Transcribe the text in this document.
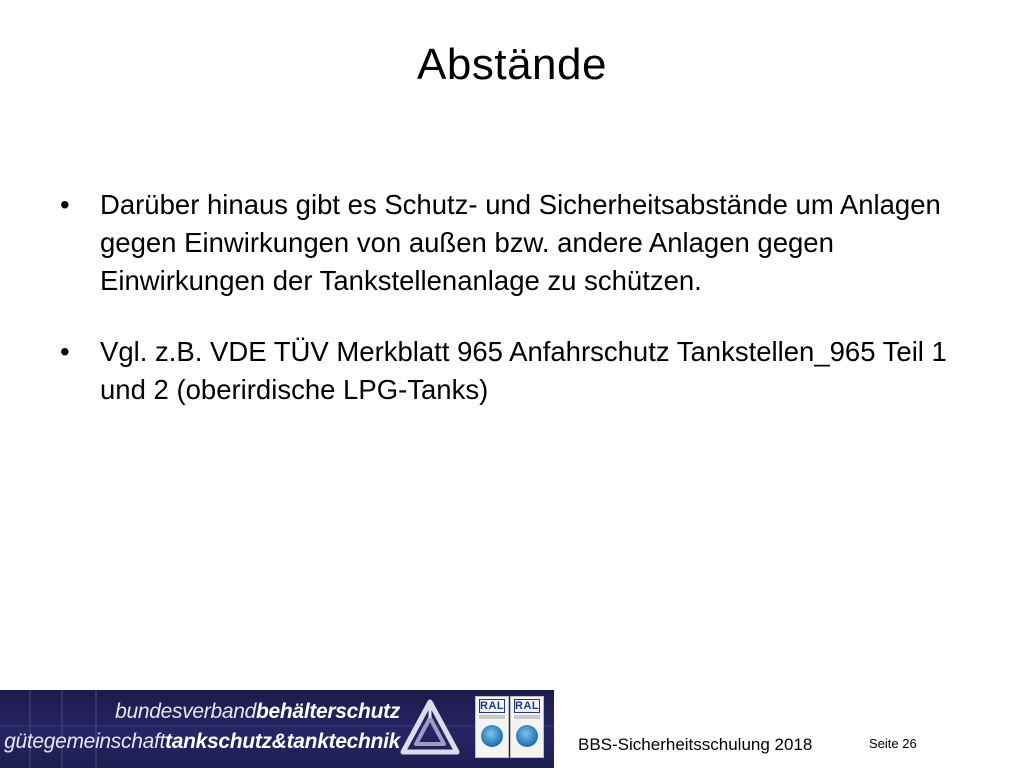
Abstände
• Darüber hinaus gibt es Schutz- und Sicherheitsabstände um Anlagen gegen Einwirkungen von außen bzw. andere Anlagen gegen Einwirkungen der Tankstellenanlage zu schützen.
• Vgl. z.B. VDE TÜV Merkblatt 965 Anfahrschutz Tankstellen_965 Teil 1 und 2 (oberirdische LPG-Tanks)
bundesverbandbehälterschutz
gütegemeinschafttankschutz&tanktechnik
RAL RAL
BBS-Sicherheitsschulung 2018	Seite 26
